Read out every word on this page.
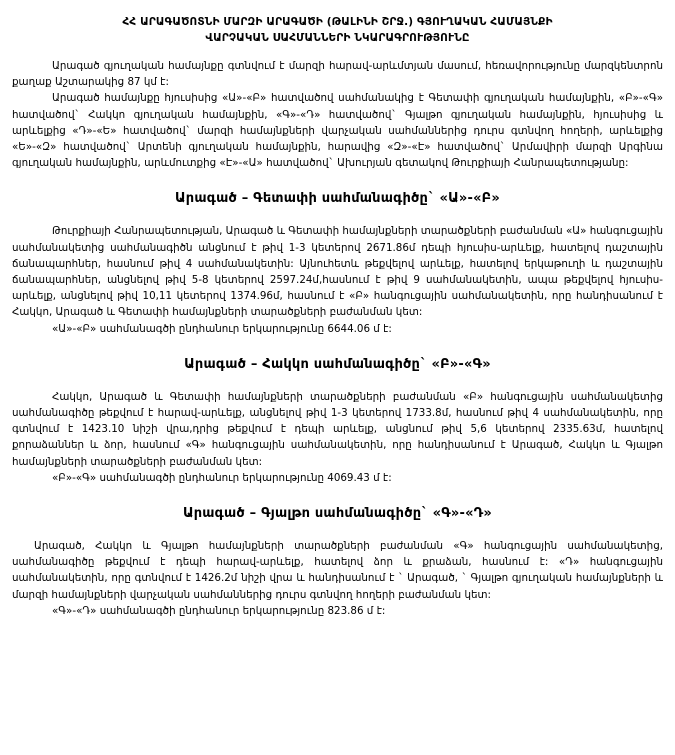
ՀՀ ԱՐԱԳԱԾՈՏՆԻ ՄԱՐԶԻ ԱՐԱԳԱԾԻ (ԹԱԼԻՆԻ ՇՐՋ.) ԳՅՈՒՂԱԿԱՆ ՀԱՄԱՅՆՔԻ
ՎԱՐՉԱԿԱՆ ՍԱՀՄԱՆՆԵՐԻ ՆԿԱՐԱԳՐՈՒԹՅՈՒՆԸ

Արագած գյուղական համայնքը գտնվում է մարզի հարավ-արևմտյան մասում, հեռավորությունը մարզկենտրոն քաղաք Աշտարակից 87 կմ է:

Արագած համայնքը հյուսիսից «Ա»-«Բ» հատվածով սահմանակից է Գետափի գյուղական համայնքին, «Բ»-«Գ» հատվածով` Հակկո գյուղական համայնքին, «Գ»-«Դ» հատվածով` Գյալթո գյուղական համայնքին, հյուսիսից և արևելքից «Դ»-«Ե» հատվածով` մարզի համայնքների վարչական սահմաններից դուրս գտնվող հողերի, արևելքից «Ե»-«Զ» հատվածով` Արտենի գյուղական համայնքին, հարավից «Զ»-«Է» հատվածով` Արմավիրի մարզի Արգինա գյուղական համայնքին, արևմուտքից «Է»-«Ա» հատվածով` Ախուրյան գետակով Թուրքիայի Հանրապետությանը:

Արագած – Գետափի սահմանագիծը` «Ա»-«Բ»

Թուրքիայի Հանրապետության, Արագած և Գետափի համայնքների տարածքների բաժանման «Ա» հանգուցային սահմանակետից սահմանագիծն անցնում է թիվ 1-3 կետերով 2671.86մ դեպի հյուսիս-արևելք, հատելով դաշտային ճանապարհներ, հասնում թիվ 4 սահմանակետին: Այնուհետև թեքվելով արևելք, հատելով երկաթուղի և դաշտային ճանապարհներ, անցնելով թիվ 5-8 կետերով 2597.24մ,հասնում է թիվ 9 սահմանակետին, ապա թեքվելով հյուսիս-արևելք, անցնելով թիվ 10,11 կետերով 1374.96մ, հասնում է «Բ» հանգուցային սահմանակետին, որը հանդիսանում է Հակկո, Արագած և Գետափի համայնքների տարածքների բաժանման կետ:

«Ա»-«Բ» սահմանագծի ընդհանուր երկարությունը 6644.06 մ է:

Արագած – Հակկո սահմանագիծը` «Բ»-«Գ»

Հակկո, Արագած և Գետափի համայնքների տարածքների բաժանման «Բ» հանգուցային սահմանակետից սահմանագիծը թեքվում է հարավ-արևելք, անցնելով թիվ 1-3 կետերով 1733.8մ, հասնում թիվ 4 սահմանակետին, որը գտնվում է 1423.10 նիշի վրա,դրից թեքվում է դեպի արևելք, անցնում թիվ 5,6 կետերով 2335.63մ, հատելով քորաձաններ և ձոր, հասնում «Գ» հանգուցային սահմանակետին, որը հանդիսանում է Արագած, Հակկո և Գյալթո համայնքների տարածքների բաժանման կետ:

«Բ»-«Գ» սահմանագծի ընդհանուր երկարությունը 4069.43 մ է:

Արագած – Գյալթո սահմանագիծը` «Գ»-«Դ»

Արագած, Հակկո և Գյալթո համայնքների տարածքների բաժանման «Գ» հանգուցային սահմանակետից, սահմանագիծը թեքվում է դեպի հարավ-արևելք, հատելով ձոր և քրաձան, հասնում է: «Դ» հանգուցային սահմանակետին, որը գտնվում է 1426.2մ նիշի վրա և հանդիսանում է ` Արագած, ` Գյալթո գյուղական համայնքների և մարզի համայնքների վարչական սահմաններից դուրս գտնվող հողերի բաժանման կետ:

«Գ»-«Դ» սահմանագծի ընդհանուր երկարությունը 823.86 մ է:
